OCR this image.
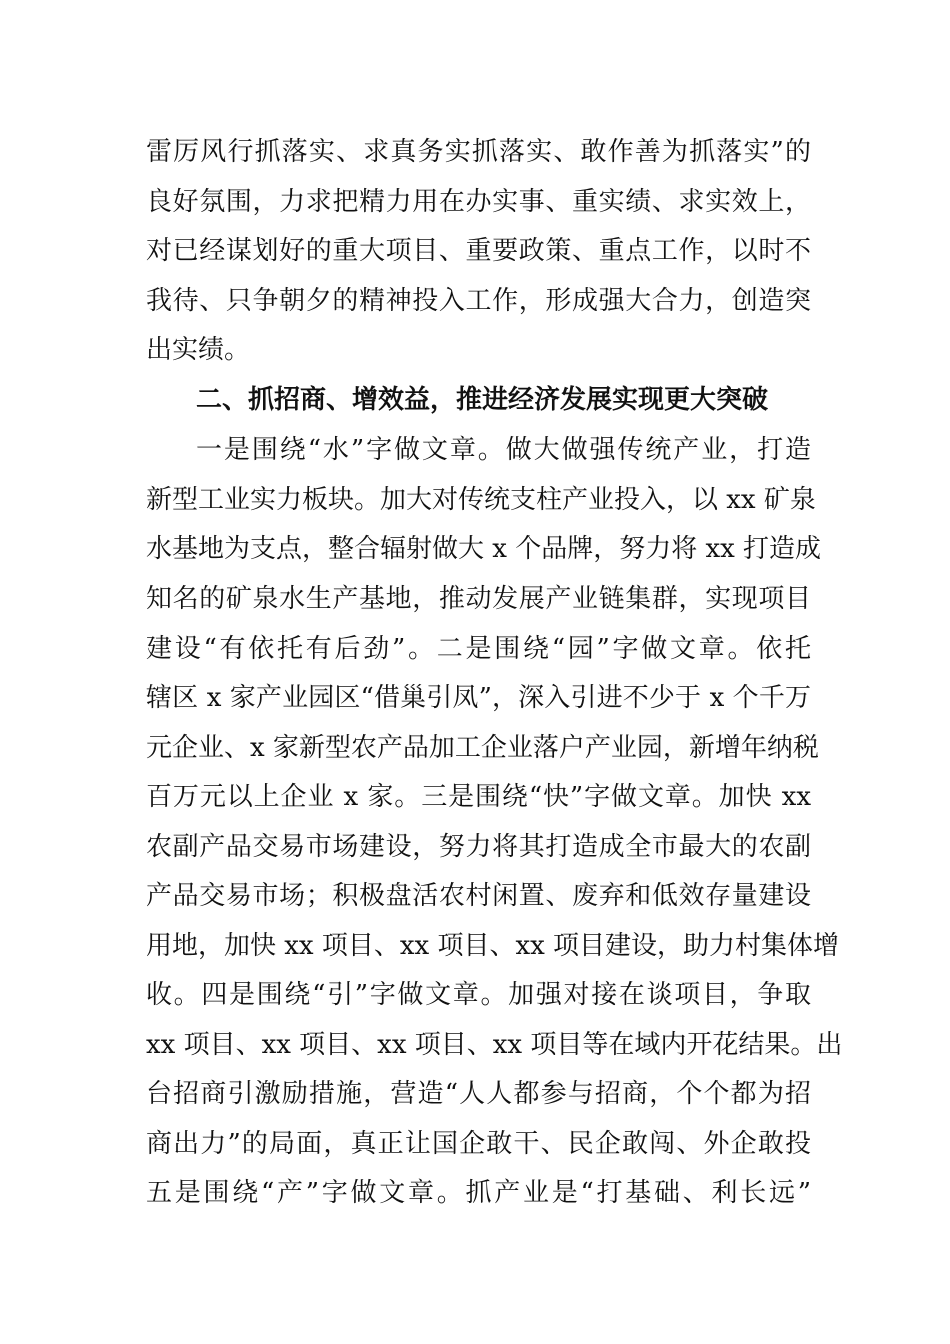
雷厉风行抓落实、求真务实抓落实、敢作善为抓落实”的
良好氛围，力求把精力用在办实事、重实绩、求实效上，
对已经谋划好的重大项目、重要政策、重点工作，以时不
我待、只争朝夕的精神投入工作，形成强大合力，创造突
出实绩。
二、抓招商、增效益，推进经济发展实现更大突破
一是围绕“水”字做文章。做大做强传统产业，打造
新型工业实力板块。加大对传统支柱产业投入，以 xx 矿泉
水基地为支点，整合辐射做大 x 个品牌，努力将 xx 打造成
知名的矿泉水生产基地，推动发展产业链集群，实现项目
建设“有依托有后劲”。二是围绕“园”字做文章。依托
辖区 x 家产业园区“借巢引凤”，深入引进不少于 x 个千万
元企业、x 家新型农产品加工企业落户产业园，新增年纳税
百万元以上企业 x 家。三是围绕“快”字做文章。加快 xx
农副产品交易市场建设，努力将其打造成全市最大的农副
产品交易市场；积极盘活农村闲置、废弃和低效存量建设
用地，加快 xx 项目、xx 项目、xx 项目建设，助力村集体增
收。四是围绕“引”字做文章。加强对接在谈项目，争取
xx 项目、xx 项目、xx 项目、xx 项目等在域内开花结果。出
台招商引激励措施，营造“人人都参与招商，个个都为招
商出力”的局面，真正让国企敢干、民企敢闯、外企敢投
五是围绕“产”字做文章。抓产业是“打基础、利长远”
